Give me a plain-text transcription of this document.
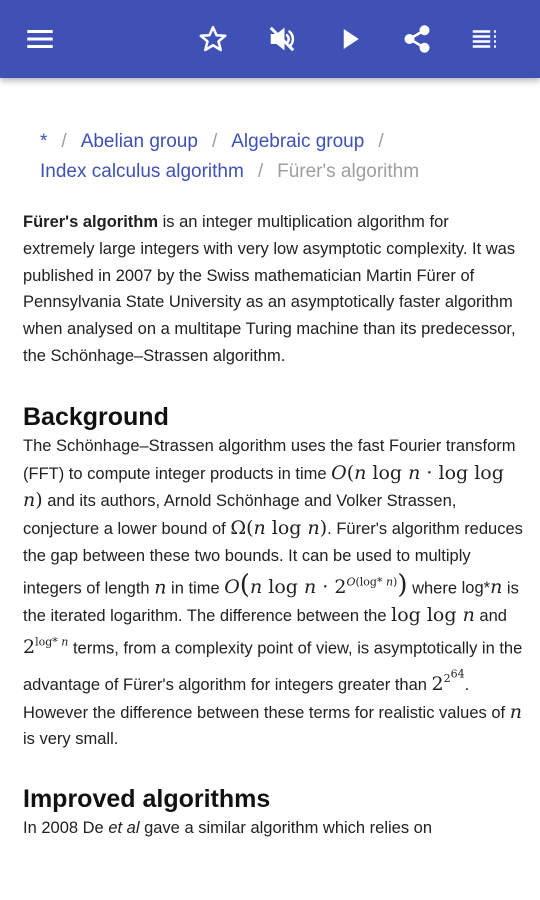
* / Abelian group / Algebraic group /
Index calculus algorithm / Fürer's algorithm

Fürer's algorithm is an integer multiplication algorithm for extremely large integers with very low asymptotic complexity. It was published in 2007 by the Swiss mathematician Martin Fürer of Pennsylvania State University as an asymptotically faster algorithm when analysed on a multitape Turing machine than its predecessor, the Schönhage–Strassen algorithm.

Background

The Schönhage–Strassen algorithm uses the fast Fourier transform (FFT) to compute integer products in time O(n log n · log log n) and its authors, Arnold Schönhage and Volker Strassen, conjecture a lower bound of Ω(n log n). Fürer's algorithm reduces the gap between these two bounds. It can be used to multiply integers of length n in time O(n $\log n \cdot 2^{O(log* n)}$) where log*n is the iterated logarithm. The difference between the log log n and $2^{log* n}$ terms, from a complexity point of view, is asymptotically in the advantage of Fürer's algorithm for integers greater than $2^{2^{64}}$. However the difference between these terms for realistic values of n is very small.

Improved algorithms

In 2008 De et al gave a similar algorithm which relies on
